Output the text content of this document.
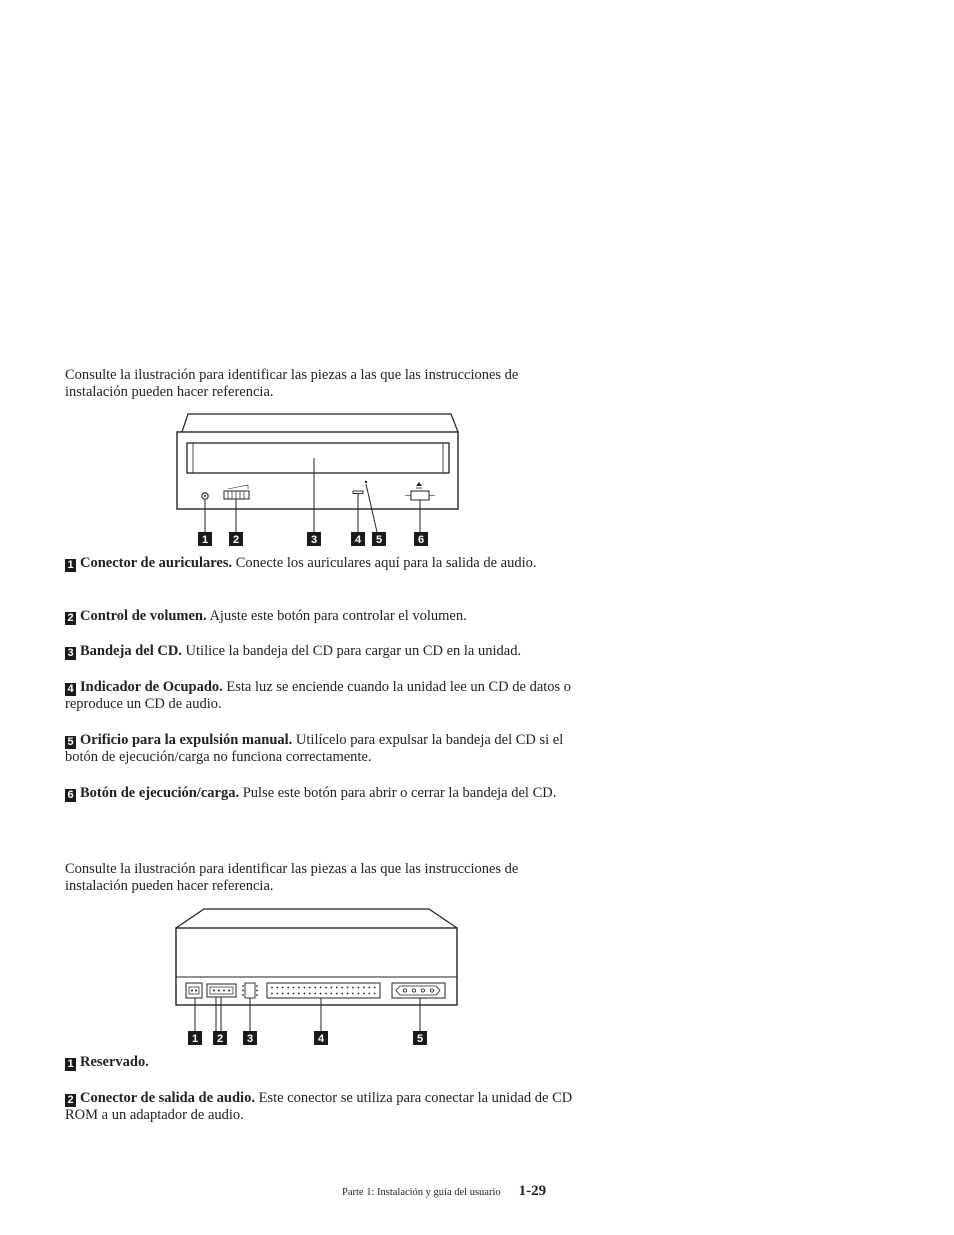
Consulte la ilustración para identificar las piezas a las que las instrucciones de instalación pueden hacer referencia.

1 2	3	4 5	6

1 Conector de auriculares. Conecte los auriculares aquí para la salida de audio.

2 Control de volumen. Ajuste este botón para controlar el volumen.

3 Bandeja del CD. Utilice la bandeja del CD para cargar un CD en la unidad.

4 Indicador de Ocupado. Esta luz se enciende cuando la unidad lee un CD de datos o reproduce un CD de audio.

5 Orificio para la expulsión manual. Utilícelo para expulsar la bandeja del CD si el botón de ejecución/carga no funciona correctamente.

6 Botón de ejecución/carga. Pulse este botón para abrir o cerrar la bandeja del CD.

Consulte la ilustración para identificar las piezas a las que las instrucciones de instalación pueden hacer referencia.

1 2 3	4	5

1 Reservado.

2 Conector de salida de audio. Este conector se utiliza para conectar la unidad de CD ROM a un adaptador de audio.

Parte 1: Instalación y guía del usuario 1-29
